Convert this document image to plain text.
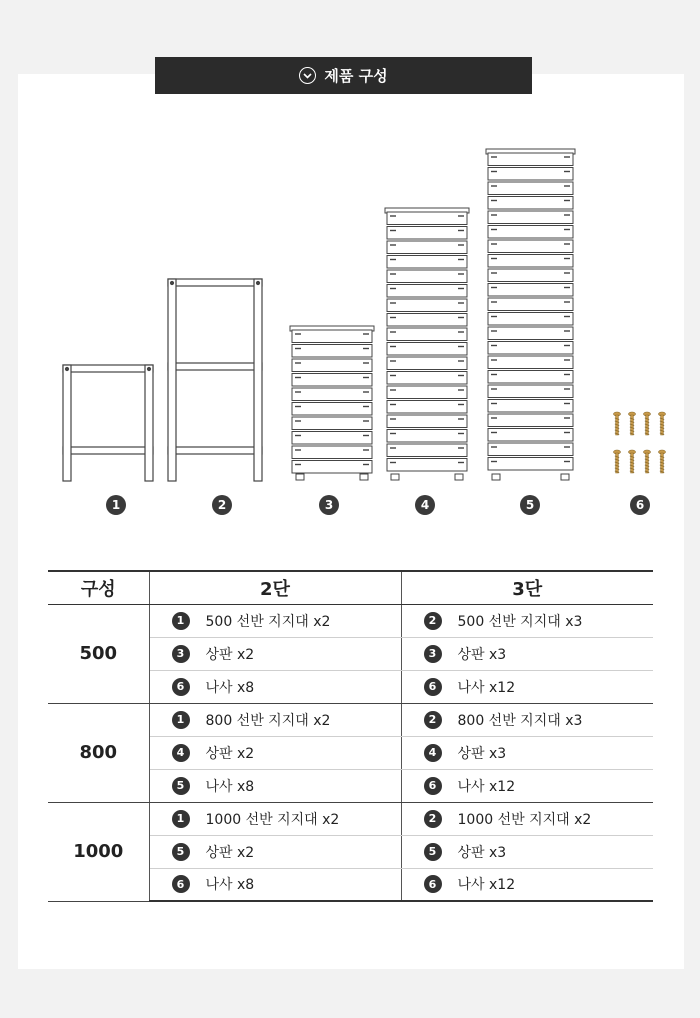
제품 구성
1	2	3	4	5	6
구성	2단	3단
500	1 500 선반 지지대 x2	2 500 선반 지지대 x3

3 상판 x2	3 상판 x3

6 나사 x8	6 나사 x12

800	1 800 선반 지지대 x2	2 800 선반 지지대 x3

4 상판 x2	4 상판 x3

5 나사 x8	6 나사 x12

1000	1 1000 선반 지지대 x2	2 1000 선반 지지대 x2

5 상판 x2	5 상판 x3

6 나사 x8	6 나사 x12
